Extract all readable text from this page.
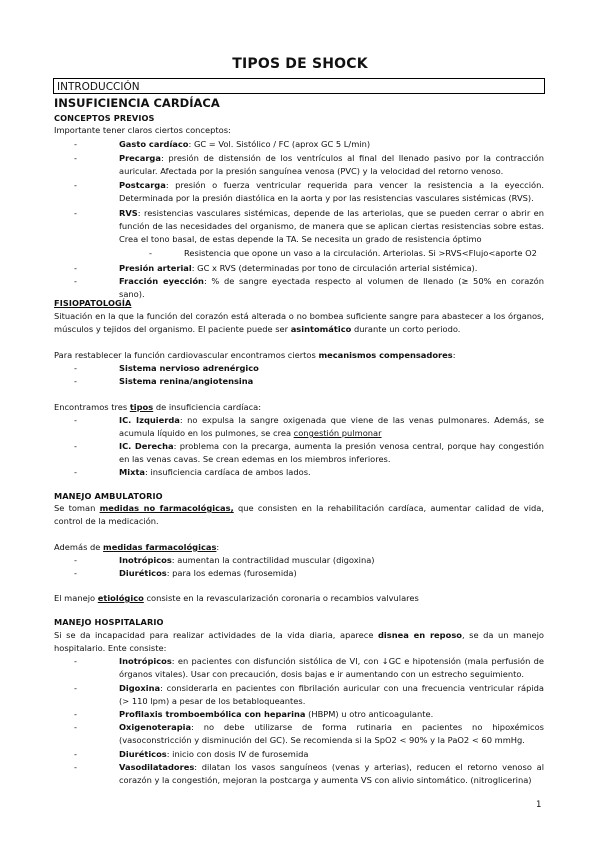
TIPOS DE SHOCK
INTRODUCCIÓN
INSUFICIENCIA CARDÍACA
CONCEPTOS PREVIOS
Importante tener claros ciertos conceptos:
-	Gasto cardíaco: GC = Vol. Sistólico / FC (aprox GC 5 L/min)
-	Precarga: presión de distensión de los ventrículos al final del llenado pasivo por la contracción auricular. Afectada por la presión sanguínea venosa (PVC) y la velocidad del retorno venoso.
-	Postcarga: presión o fuerza ventricular requerida para vencer la resistencia a la eyección. Determinada por la presión diastólica en la aorta y por las resistencias vasculares sistémicas (RVS).
-	RVS: resistencias vasculares sistémicas, depende de las arteriolas, que se pueden cerrar o abrir en función de las necesidades del organismo, de manera que se aplican ciertas resistencias sobre estas. Crea el tono basal, de estas depende la TA. Se necesita un grado de resistencia óptimo
-	Resistencia que opone un vaso a la circulación. Arteriolas. Si >RVS<Flujo<aporte O2
-	Presión arterial: GC x RVS (determinadas por tono de circulación arterial sistémica).
-	Fracción eyección: % de sangre eyectada respecto al volumen de llenado (≥ 50% en corazón sano).
FISIOPATOLOGÍA
Situación en la que la función del corazón está alterada o no bombea suficiente sangre para abastecer a los órganos, músculos y tejidos del organismo. El paciente puede ser asintomático durante un corto periodo.
Para restablecer la función cardiovascular encontramos ciertos mecanismos compensadores:
-	Sistema nervioso adrenérgico
-	Sistema renina/angiotensina
Encontramos tres tipos de insuficiencia cardíaca:
-	IC. Izquierda: no expulsa la sangre oxigenada que viene de las venas pulmonares. Además, se acumula líquido en los pulmones, se crea congestión pulmonar
-	IC. Derecha: problema con la precarga, aumenta la presión venosa central, porque hay congestión en las venas cavas. Se crean edemas en los miembros inferiores.
-	Mixta: insuficiencia cardíaca de ambos lados.
MANEJO AMBULATORIO
Se toman medidas no farmacológicas, que consisten en la rehabilitación cardíaca, aumentar calidad de vida, control de la medicación.
Además de medidas farmacológicas:
-	Inotrópicos: aumentan la contractilidad muscular (digoxina)
-	Diuréticos: para los edemas (furosemida)
El manejo etiológico consiste en la revascularización coronaria o recambios valvulares
MANEJO HOSPITALARIO
Si se da incapacidad para realizar actividades de la vida diaria, aparece disnea en reposo, se da un manejo hospitalario. Ente consiste:
-	Inotrópicos: en pacientes con disfunción sistólica de VI, con ↓GC e hipotensión (mala perfusión de órganos vitales). Usar con precaución, dosis bajas e ir aumentando con un estrecho seguimiento.
-	Digoxina: considerarla en pacientes con fibrilación auricular con una frecuencia ventricular rápida (> 110 lpm) a pesar de los betabloqueantes.
-	Profilaxis tromboembólica con heparina (HBPM) u otro anticoagulante.
-	Oxigenoterapia: no debe utilizarse de forma rutinaria en pacientes no hipoxémicos (vasoconstricción y disminución del GC). Se recomienda si la SpO2 < 90% y la PaO2 < 60 mmHg.
-	Diuréticos: inicio con dosis IV de furosemida
-	Vasodilatadores: dilatan los vasos sanguíneos (venas y arterias), reducen el retorno venoso al corazón y la congestión, mejoran la postcarga y aumenta VS con alivio sintomático. (nitroglicerina)
1
